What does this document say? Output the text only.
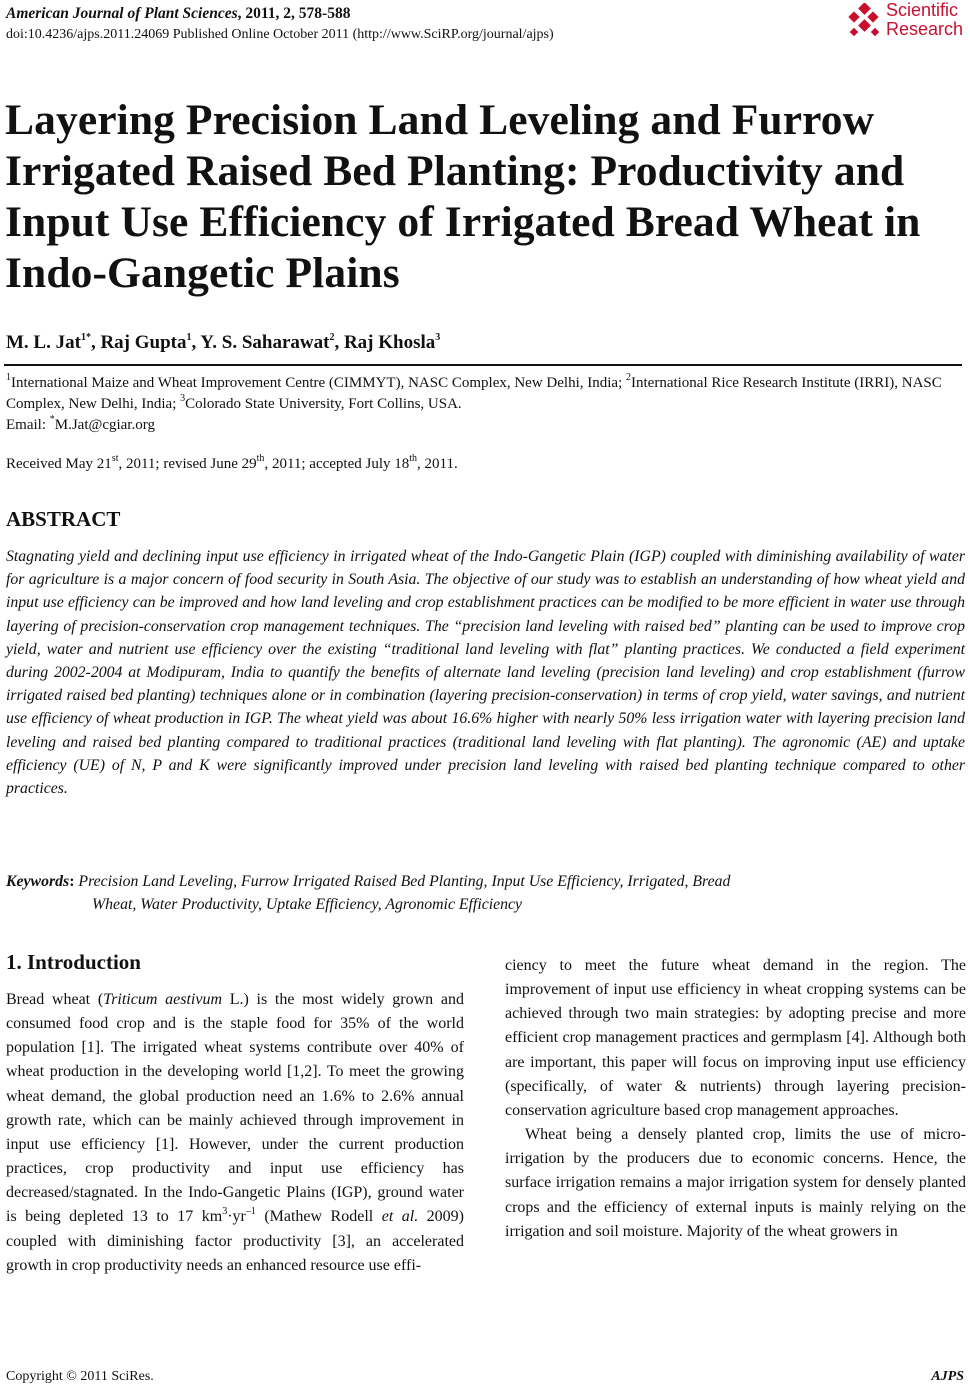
American Journal of Plant Sciences, 2011, 2, 578-588
doi:10.4236/ajps.2011.24069 Published Online October 2011 (http://www.SciRP.org/journal/ajps)
Scientific
Research
Layering Precision Land Leveling and Furrow Irrigated Raised Bed Planting: Productivity and Input Use Efficiency of Irrigated Bread Wheat in Indo-Gangetic Plains
M. L. Jat$^{1*}$, Raj Gupta$^1$, Y. S. Saharawat$^2$, Raj Khosla$^3$
$^1$International Maize and Wheat Improvement Centre (CIMMYT), NASC Complex, New Delhi, India; $^2$International Rice Research Institute (IRRI), NASC Complex, New Delhi, India; $^3$Colorado State University, Fort Collins, USA.
Email: *M.Jat@cgiar.org
Received May 21st, 2011; revised June 29th, 2011; accepted July 18th, 2011.
ABSTRACT
Stagnating yield and declining input use efficiency in irrigated wheat of the Indo-Gangetic Plain (IGP) coupled with diminishing availability of water for agriculture is a major concern of food security in South Asia. The objective of our study was to establish an understanding of how wheat yield and input use efficiency can be improved and how land leveling and crop establishment practices can be modified to be more efficient in water use through layering of precision-conservation crop management techniques. The “precision land leveling with raised bed” planting can be used to improve crop yield, water and nutrient use efficiency over the existing “traditional land leveling with flat” planting practices. We conducted a field experiment during 2002-2004 at Modipuram, India to quantify the benefits of alternate land leveling (precision land leveling) and crop establishment (furrow irrigated raised bed planting) techniques alone or in combination (layering precision-conservation) in terms of crop yield, water savings, and nutrient use efficiency of wheat production in IGP. The wheat yield was about 16.6% higher with nearly 50% less irrigation water with layering precision land leveling and raised bed planting compared to traditional practices (traditional land leveling with flat planting). The agronomic (AE) and uptake efficiency (UE) of N, P and K were significantly improved under precision land leveling with raised bed planting technique compared to other practices.
Keywords: Precision Land Leveling, Furrow Irrigated Raised Bed Planting, Input Use Efficiency, Irrigated, Bread
Wheat, Water Productivity, Uptake Efficiency, Agronomic Efficiency
1. Introduction

Bread wheat (Triticum aestivum L.) is the most widely grown and consumed food crop and is the staple food for 35% of the world population [1]. The irrigated wheat systems contribute over 40% of wheat production in the developing world [1,2]. To meet the growing wheat demand, the global production need an 1.6% to 2.6% annual growth rate, which can be mainly achieved through improvement in input use efficiency [1]. However, under the current production practices, crop productivity and input use efficiency has decreased/stagnated. In the Indo-Gangetic Plains (IGP), ground water is being depleted 13 to 17 $km^3\cdot yr^{-1}$ (Mathew Rodell et al. 2009) coupled with diminishing factor productivity [3], an accelerated growth in crop productivity needs an enhanced resource use effi-

ciency to meet the future wheat demand in the region. The improvement of input use efficiency in wheat cropping systems can be achieved through two main strategies: by adopting precise and more efficient crop management practices and germplasm [4]. Although both are important, this paper will focus on improving input use efficiency (specifically, of water & nutrients) through layering precision-conservation agriculture based crop management approaches.

Wheat being a densely planted crop, limits the use of micro-irrigation by the producers due to economic concerns. Hence, the surface irrigation remains a major irrigation system for densely planted crops and the efficiency of external inputs is mainly relying on the irrigation and soil moisture. Majority of the wheat growers in

Copyright © 2011 SciRes.	AJPS
